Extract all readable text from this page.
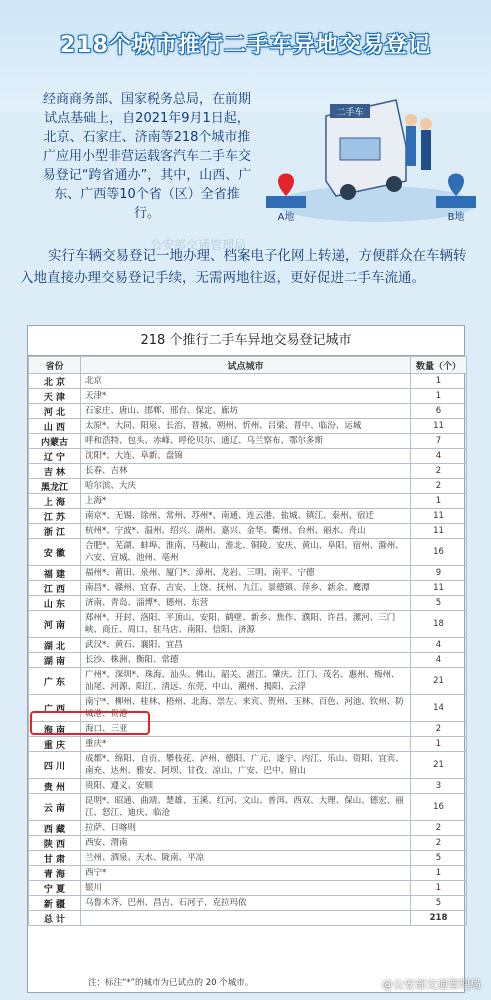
218个城市推行二手车异地交易登记
经商商务部、国家税务总局，在前期试点基础上，自2021年9月1日起，北京、石家庄、济南等218个城市推广应用小型非营运载客汽车二手车交易登记“跨省通办”，其中，山西、广东、广西等10个省（区）全省推行。
二手车
A地	B地
公安部交通管理局
实行车辆交易登记一地办理、档案电子化网上转递，方便群众在车辆转入地直接办理交易登记手续，无需两地往返，更好促进二手车流通。
218 个推行二手车异地交易登记城市
省份	试点城市	数量（个）
北 京	北京	1
天 津	天津*	1
河 北	石家庄、唐山、邯郸、邢台、保定、廊坊	6
山 西	太原*、大同、阳泉、长治、晋城、朔州、忻州、吕梁、晋中、临汾、运城	11
内蒙古	呼和浩特、包头、赤峰、呼伦贝尔、通辽、乌兰察布、鄂尔多斯	7
辽 宁	沈阳*、大连、阜新、盘锦	4
吉 林	长春、吉林	2
黑龙江	哈尔滨、大庆	2
上 海	上海*	1
江 苏	南京*、无锡、徐州、常州、苏州*、南通、连云港、盐城、镇江、泰州、宿迁	11
浙 江	杭州*、宁波*、温州、绍兴、湖州、嘉兴、金华、衢州、台州、丽水、舟山	11
安 徽	合肥*、芜湖、蚌埠、淮南、马鞍山、淮北、铜陵、安庆、黄山、阜阳、宿州、滁州、六安、宣城、池州、亳州	16
福 建	福州*、莆田、泉州、厦门*、漳州、龙岩、三明、南平、宁德	9
江 西	南昌*、赣州、宜春、吉安、上饶、抚州、九江、景德镇、萍乡、新余、鹰潭	11
山 东	济南、青岛、淄博*、德州、东营	5
河 南	郑州*、开封、洛阳、平顶山、安阳、鹤壁、新乡、焦作、濮阳、许昌、漯河、三门峡、商丘、周口、驻马店、南阳、信阳、济源	18
湖 北	武汉*、黄石、襄阳、宜昌	4
湖 南	长沙、株洲、衡阳、常德	4
广 东	广州*、深圳*、珠海、汕头、佛山、韶关、湛江、肇庆、江门、茂名、惠州、梅州、汕尾、河源、阳江、清远、东莞、中山、潮州、揭阳、云浮	21
广 西	南宁*、柳州、桂林、梧州、北海、崇左、来宾、贺州、玉林、百色、河池、钦州、防城港、贵港	14
海 南	海口、三亚	2
重 庆	重庆*	1
四 川	成都*、绵阳、自贡、攀枝花、泸州、德阳、广元、遂宁、内江、乐山、资阳、宜宾、南充、达州、雅安、阿坝、甘孜、凉山、广安、巴中、眉山	21
贵 州	贵阳、遵义、安顺	3
云 南	昆明*、昭通、曲靖、楚雄、玉溪、红河、文山、普洱、西双、大理、保山、德宏、丽江、怒江、迪庆、临沧	16
西 藏	拉萨、日喀则	2
陕 西	西安、渭南	2
甘 肃	兰州、酒泉、天水、陇南、平凉	5
青 海	西宁*	1
宁 夏	银川	1
新 疆	乌鲁木齐、巴州、昌吉、石河子、克拉玛依	5
总 计		218
注：标注“*”的城市为已试点的 20 个城市。	@公安部交通管理局
